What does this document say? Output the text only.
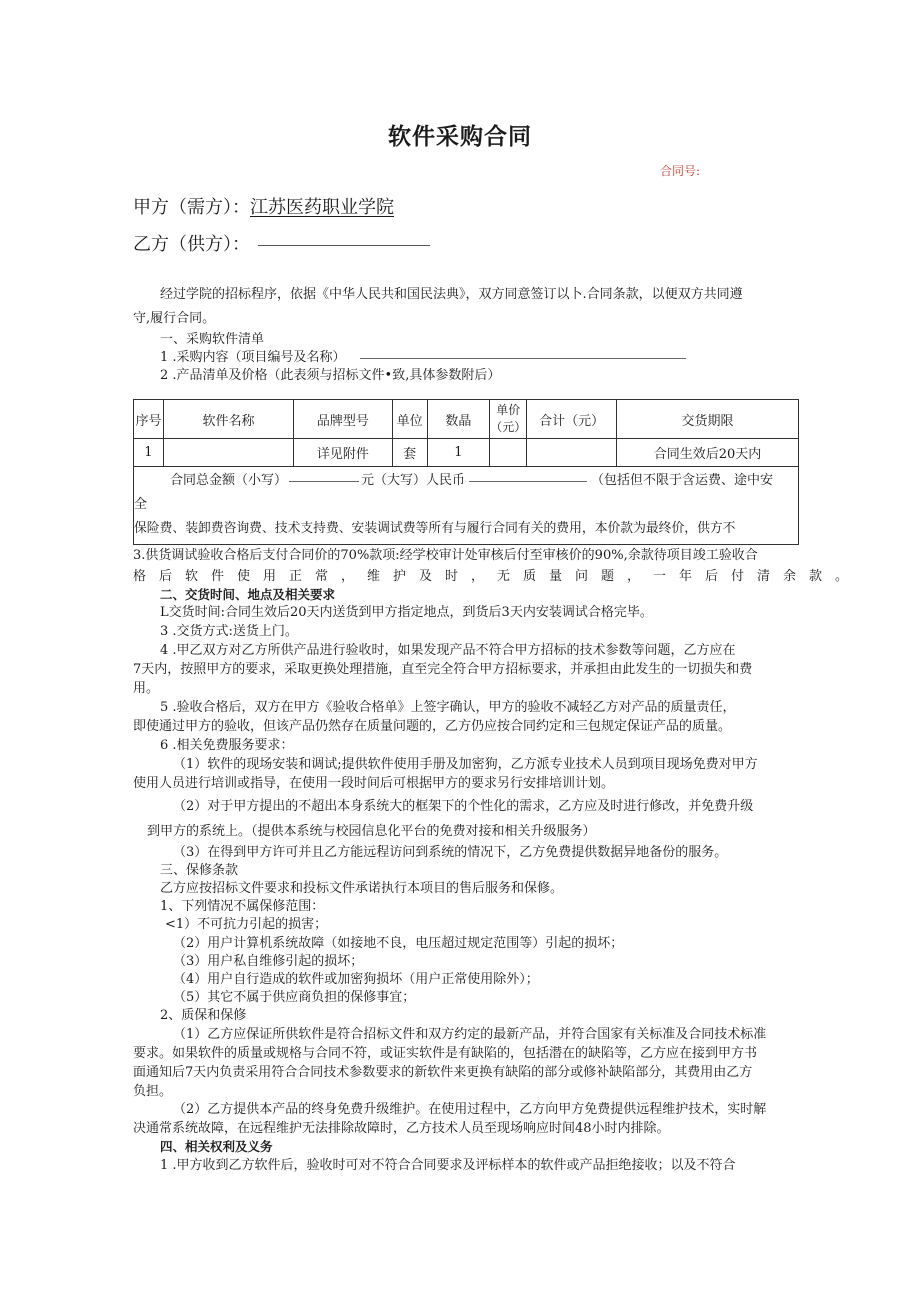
软件采购合同
合同号:
甲方（需方）：江苏医药职业学院
乙方（供方）：
经过学院的招标程序，依据《中华人民共和国民法典》，双方同意签订以卜.合同条款，以便双方共同遵
守,履行合同。
一、采购软件清单
1 .采购内容（项目编号及名称）
2 .产品清单及价格（此表须与招标文件•致,具体参数附后）
序号	软件名称	品牌型号	单位	数晶	单价（元）	合计（元）	交货期限
1		详见附件	套	1			合同生效后20天内

合同总金额（小写） 元（大写）人民币 （包括但不限于含运费、途中安
全
保险费、装卸费咨询费、技术支持费、安装调试费等所有与履行合同有关的费用，本价款为最终价，供方不							
3.供货调试验收合格后支付合同价的70%款项:经学校审计处审核后付至审核价的90%,余款待项目竣工验收合
格后软件使用正常，维护及时，无质量问题，一年后付清余款。
二、交货时间、地点及相关要求
L交货时间:合同生效后20天内送货到甲方指定地点，到货后3天内安装调试合格完毕。
3 .交货方式:送货上门。
4 .甲乙双方对乙方所供产品进行验收时，如果发现产品不符合甲方招标的技术参数等问题，乙方应在
7天内，按照甲方的要求，采取更换处理措施，直至完全符合甲方招标要求，并承担由此发生的一切损失和费
用。
5 .验收合格后，双方在甲方《验收合格单》上签字确认，甲方的验收不减轻乙方对产品的质量责任，
即使通过甲方的验收，但该产品仍然存在质量问题的，乙方仍应按合同约定和三包规定保证产品的质量。
6 .相关免费服务要求：
（1）软件的现场安装和调试;提供软件使用手册及加密狗，乙方派专业技术人员到项目现场免费对甲方
使用人员进行培训或指导，在使用一段时间后可根据甲方的要求另行安排培训计划。
（2）对于甲方提出的不超出本身系统大的框架下的个性化的需求，乙方应及时进行修改，并免费升级
到甲方的系统上。（提供本系统与校园信息化平台的免费对接和相关升级服务）
（3）在得到甲方许可并且乙方能远程访问到系统的情况下，乙方免费提供数据异地备份的服务。
三、保修条款
乙方应按招标文件要求和投标文件承诺执行本项目的售后服务和保修。
1、下列情况不属保修范围：
<1）不可抗力引起的损害；
（2）用户计算机系统故障（如接地不良，电压超过规定范围等）引起的损坏；
（3）用户私自维修引起的损坏；
（4）用户自行造成的软件或加密狗损坏（用户正常使用除外）；
（5）其它不属于供应商负担的保修事宜；
2、质保和保修
（1）乙方应保证所供软件是符合招标文件和双方约定的最新产品，并符合国家有关标准及合同技术标准
要求。如果软件的质量或规格与合同不符，或证实软件是有缺陷的，包括潜在的缺陷等，乙方应在接到甲方书
面通知后7天内负责采用符合合同技术参数要求的新软件来更换有缺陷的部分或修补缺陷部分，其费用由乙方
负担。
（2）乙方提供本产品的终身免费升级维护。在使用过程中，乙方向甲方免费提供远程维护技术，实时解
决通常系统故障，在远程维护无法排除故障时，乙方技术人员至现场响应时间48小时内排除。
四、相关权利及义务
1 .甲方收到乙方软件后，验收时可对不符合合同要求及评标样本的软件或产品拒绝接收；以及不符合
